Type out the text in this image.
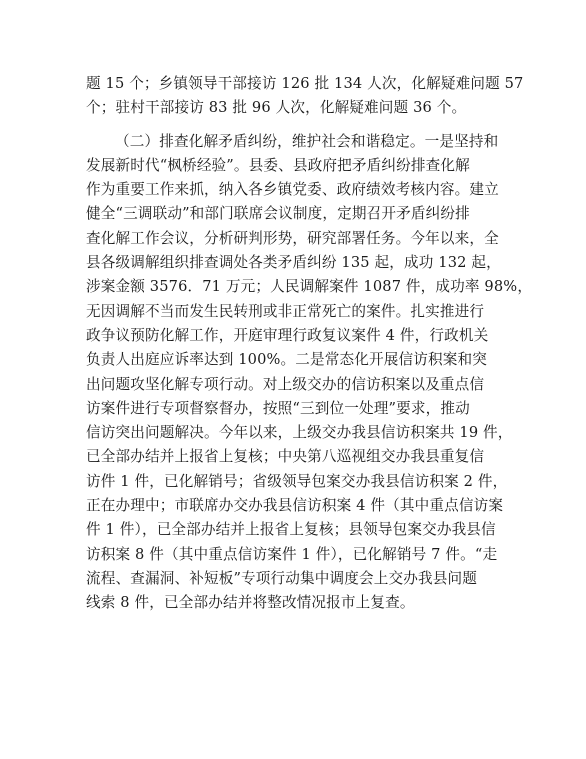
题 15 个；乡镇领导干部接访 126 批 134 人次，化解疑难问题 57
个；驻村干部接访 83 批 96 人次，化解疑难问题 36 个。
（二）排查化解矛盾纠纷，维护社会和谐稳定。一是坚持和
发展新时代“枫桥经验”。县委、县政府把矛盾纠纷排查化解
作为重要工作来抓，纳入各乡镇党委、政府绩效考核内容。建立
健全“三调联动”和部门联席会议制度，定期召开矛盾纠纷排
查化解工作会议，分析研判形势，研究部署任务。今年以来，全
县各级调解组织排查调处各类矛盾纠纷 135 起，成功 132 起，
涉案金额 3576．71 万元；人民调解案件 1087 件，成功率 98%，
无因调解不当而发生民转刑或非正常死亡的案件。扎实推进行
政争议预防化解工作，开庭审理行政复议案件 4 件，行政机关
负责人出庭应诉率达到 100%。二是常态化开展信访积案和突
出问题攻坚化解专项行动。对上级交办的信访积案以及重点信
访案件进行专项督察督办，按照“三到位一处理”要求，推动
信访突出问题解决。今年以来，上级交办我县信访积案共 19 件，
已全部办结并上报省上复核；中央第八巡视组交办我县重复信
访件 1 件，已化解销号；省级领导包案交办我县信访积案 2 件，
正在办理中；市联席办交办我县信访积案 4 件（其中重点信访案
件 1 件），已全部办结并上报省上复核；县领导包案交办我县信
访积案 8 件（其中重点信访案件 1 件），已化解销号 7 件。“走
流程、查漏洞、补短板”专项行动集中调度会上交办我县问题
线索 8 件，已全部办结并将整改情况报市上复查。
